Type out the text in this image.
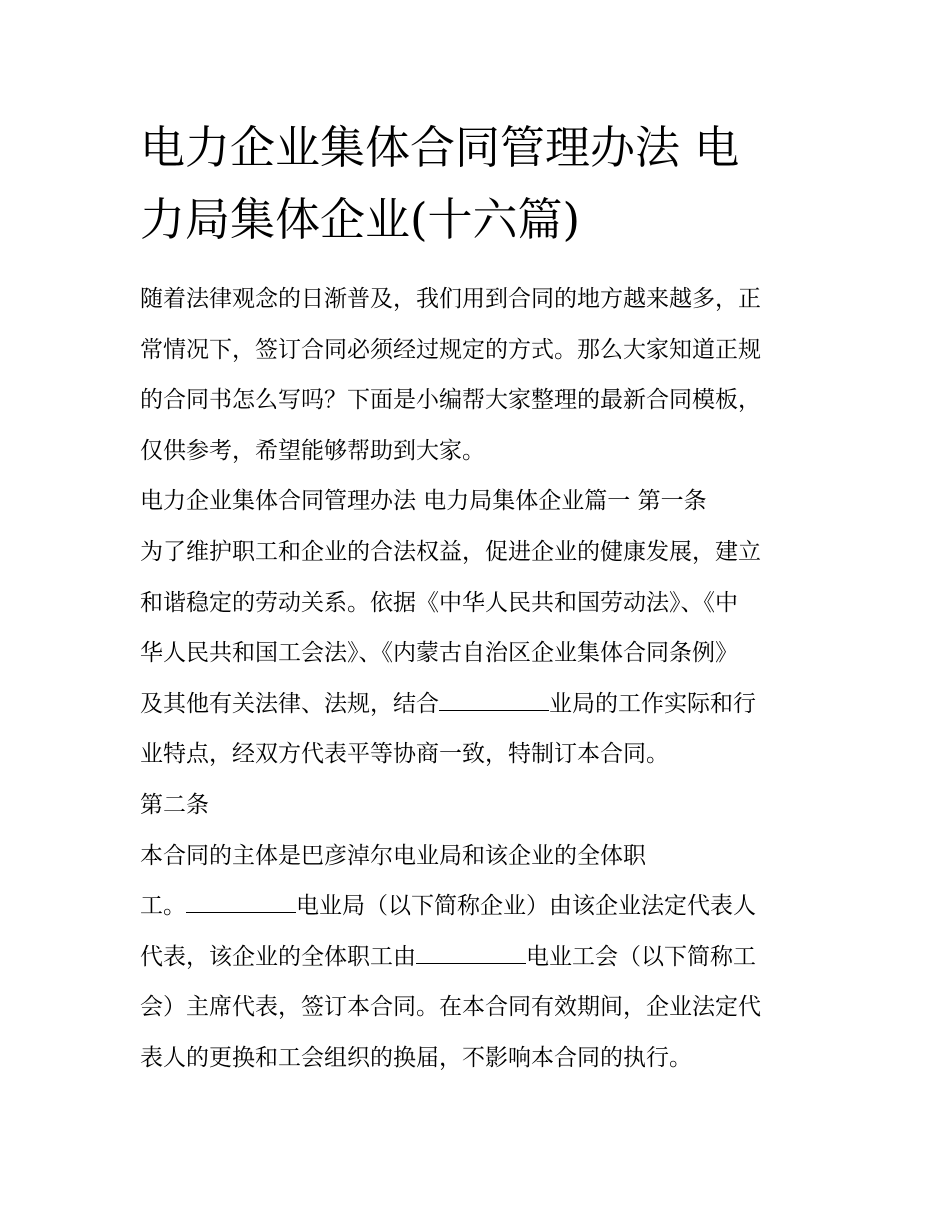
电力企业集体合同管理办法 电
力局集体企业(十六篇)
随着法律观念的日渐普及，我们用到合同的地方越来越多，正
常情况下，签订合同必须经过规定的方式。那么大家知道正规
的合同书怎么写吗？下面是小编帮大家整理的最新合同模板，
仅供参考，希望能够帮助到大家。
电力企业集体合同管理办法 电力局集体企业篇一 第一条
为了维护职工和企业的合法权益，促进企业的健康发展，建立
和谐稳定的劳动关系。依据《中华人民共和国劳动法》、《中
华人民共和国工会法》、《内蒙古自治区企业集体合同条例》
及其他有关法律、法规，结合	业局的工作实际和行
业特点，经双方代表平等协商一致，特制订本合同。
第二条
本合同的主体是巴彦淖尔电业局和该企业的全体职
工。	电业局（以下简称企业）由该企业法定代表人
代表，该企业的全体职工由	电业工会（以下简称工
会）主席代表，签订本合同。在本合同有效期间，企业法定代
表人的更换和工会组织的换届，不影响本合同的执行。
